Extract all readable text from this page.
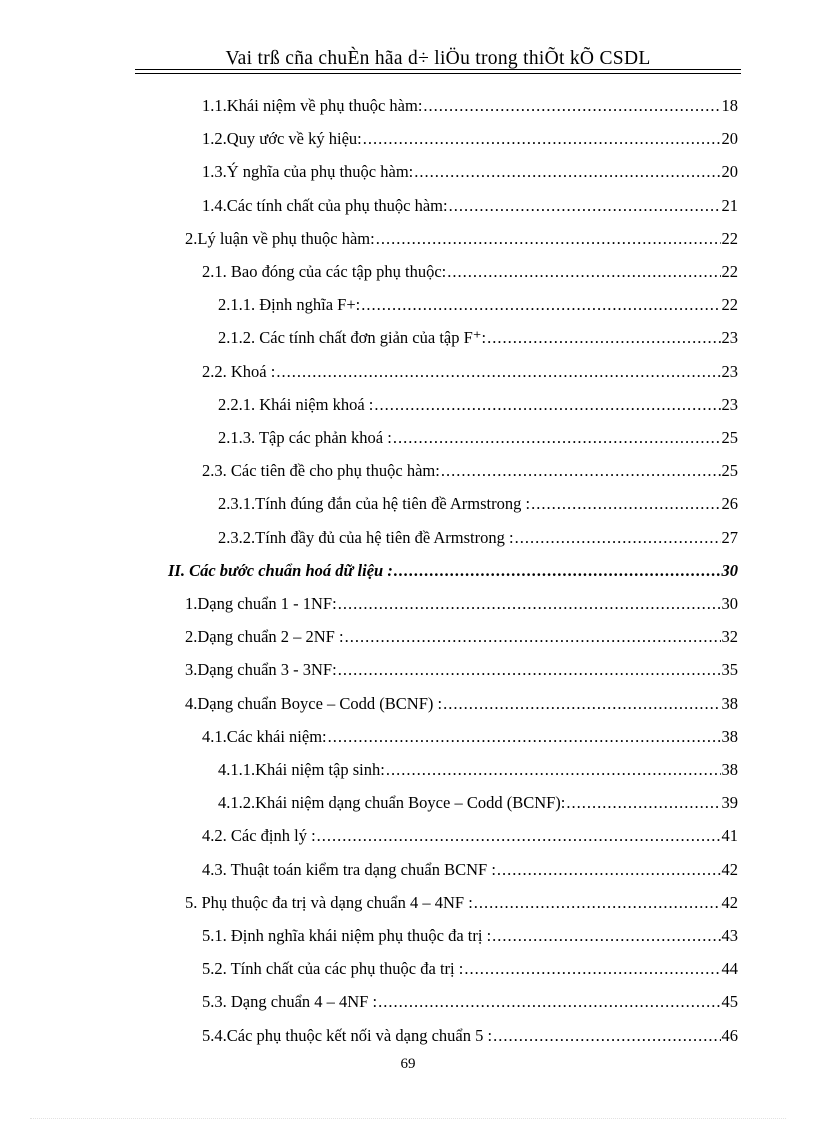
Vai trß cña chuÈn hãa d÷ liÖu trong thiÕt kÕ CSDL
1.1.Khái niệm về phụ thuộc hàm: .....	18
1.2.Quy ước về ký hiệu: .....	20
1.3.Ý nghĩa của phụ thuộc hàm: .....	20
1.4.Các tính chất của phụ thuộc hàm: .....	21
2.Lý luận về phụ thuộc hàm: .....	22
2.1. Bao đóng của các tập phụ thuộc: .....	22
2.1.1. Định nghĩa F+: .....	22
2.1.2. Các tính chất đơn giản của tập F⁺: .....	23
2.2. Khoá : .....	23
2.2.1. Khái niệm khoá : .....	23
2.1.3. Tập các phản khoá : .....	25
2.3. Các tiên đề cho phụ thuộc hàm: .....	25
2.3.1.Tính đúng đắn của hệ tiên đề Armstrong : .....	26
2.3.2.Tính đầy đủ của hệ tiên đề Armstrong : .....	27
II. Các bước chuẩn hoá dữ liệu : .....	30
1.Dạng chuẩn 1 - 1NF: .....	30
2.Dạng chuẩn 2 – 2NF : .....	32
3.Dạng chuẩn 3 - 3NF: .....	35
4.Dạng chuẩn Boyce – Codd (BCNF) : .....	38
4.1.Các khái niệm: .....	38
4.1.1.Khái niệm tập sinh: .....	38
4.1.2.Khái niệm dạng chuẩn Boyce – Codd (BCNF): .....	39
4.2. Các định lý : .....	41
4.3. Thuật toán kiểm tra dạng chuẩn BCNF : .....	42
5. Phụ thuộc đa trị và dạng chuẩn 4 – 4NF : .....	42
5.1. Định nghĩa khái niệm phụ thuộc đa trị : .....	43
5.2. Tính chất của các phụ thuộc đa trị : .....	44
5.3. Dạng chuẩn 4 – 4NF : .....	45
5.4.Các phụ thuộc kết nối và dạng chuẩn 5 : .....	46
69
